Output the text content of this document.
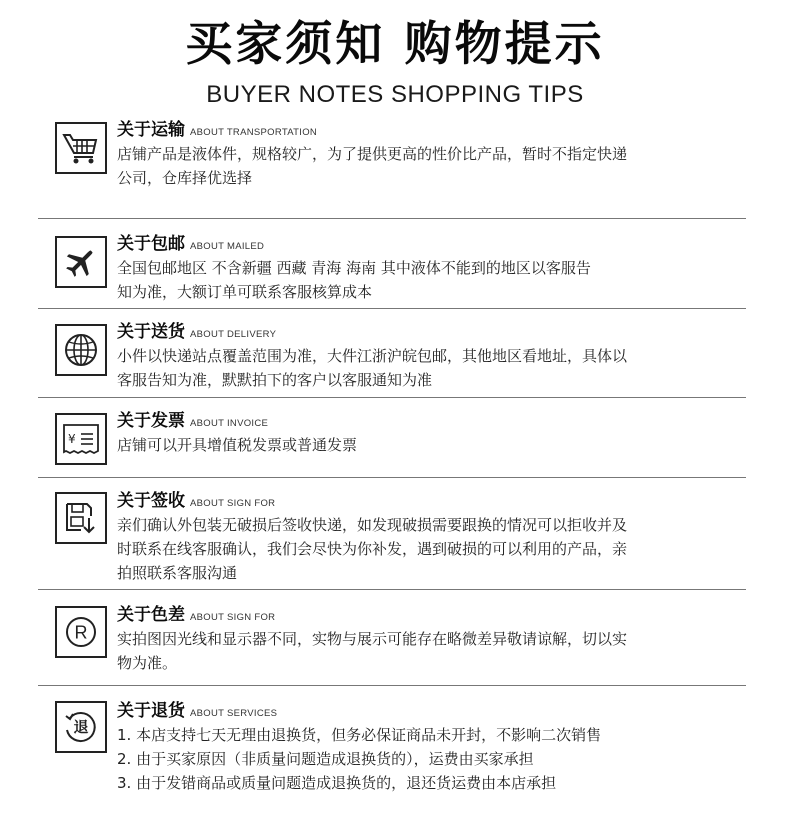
买家须知 购物提示
BUYER NOTES SHOPPING TIPS
关于运输 ABOUT TRANSPORTATION

店铺产品是液体件，规格较广，为了提供更高的性价比产品，暂时不指定快递

公司，仓库择优选择

关于包邮 ABOUT MAILED

全国包邮地区 不含新疆 西藏 青海 海南 其中液体不能到的地区以客服告

知为准，大额订单可联系客服核算成本

关于送货 ABOUT DELIVERY

小件以快递站点覆盖范围为准，大件江浙沪皖包邮，其他地区看地址，具体以

客服告知为准，默默拍下的客户以客服通知为准

¥
关于发票 ABOUT INVOICE

店铺可以开具增值税发票或普通发票

关于签收 ABOUT SIGN FOR

亲们确认外包装无破损后签收快递，如发现破损需要跟换的情况可以拒收并及

时联系在线客服确认，我们会尽快为你补发，遇到破损的可以利用的产品，亲

拍照联系客服沟通

R
关于色差 ABOUT SIGN FOR

实拍图因光线和显示器不同，实物与展示可能存在略微差异敬请谅解，切以实

物为准。

退
关于退货 ABOUT SERVICES

1. 本店支持七天无理由退换货，但务必保证商品未开封，不影响二次销售

2. 由于买家原因（非质量问题造成退换货的），运费由买家承担

3. 由于发错商品或质量问题造成退换货的，退还货运费由本店承担
